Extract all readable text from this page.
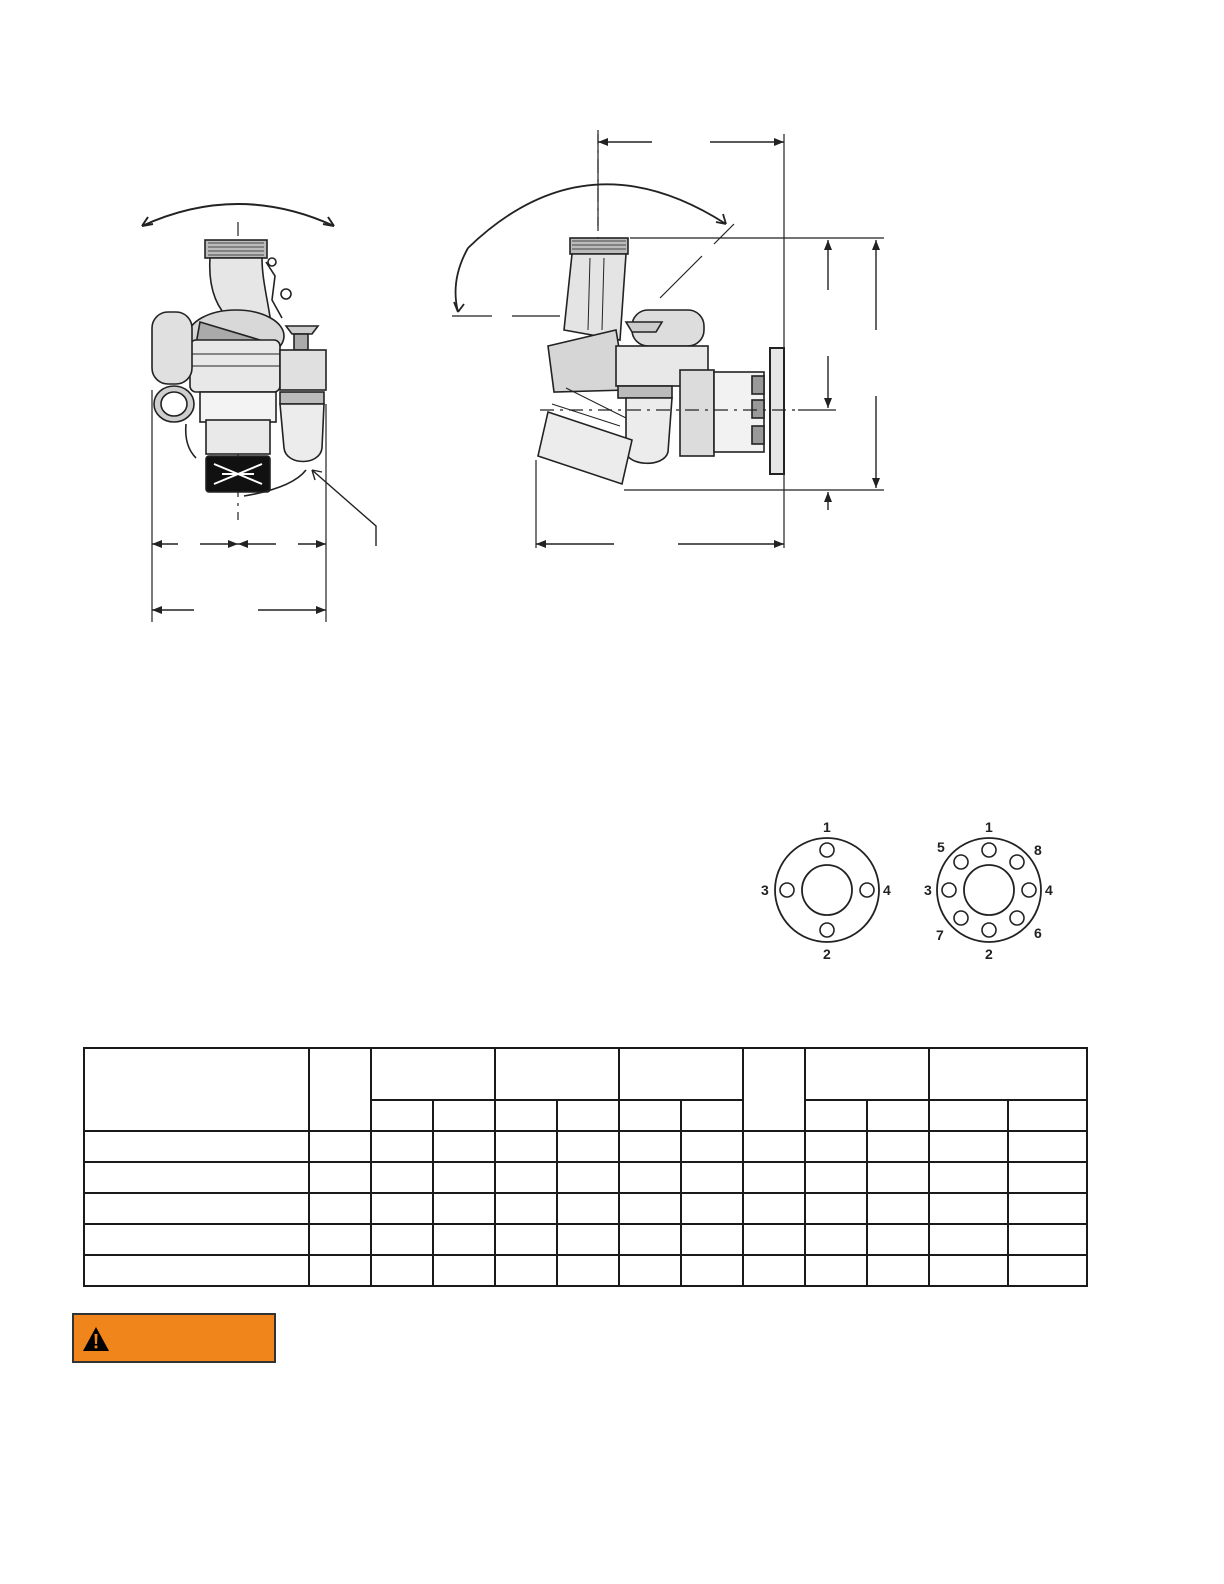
1
2
3	4
1
2
3	4
5	8
7	6
